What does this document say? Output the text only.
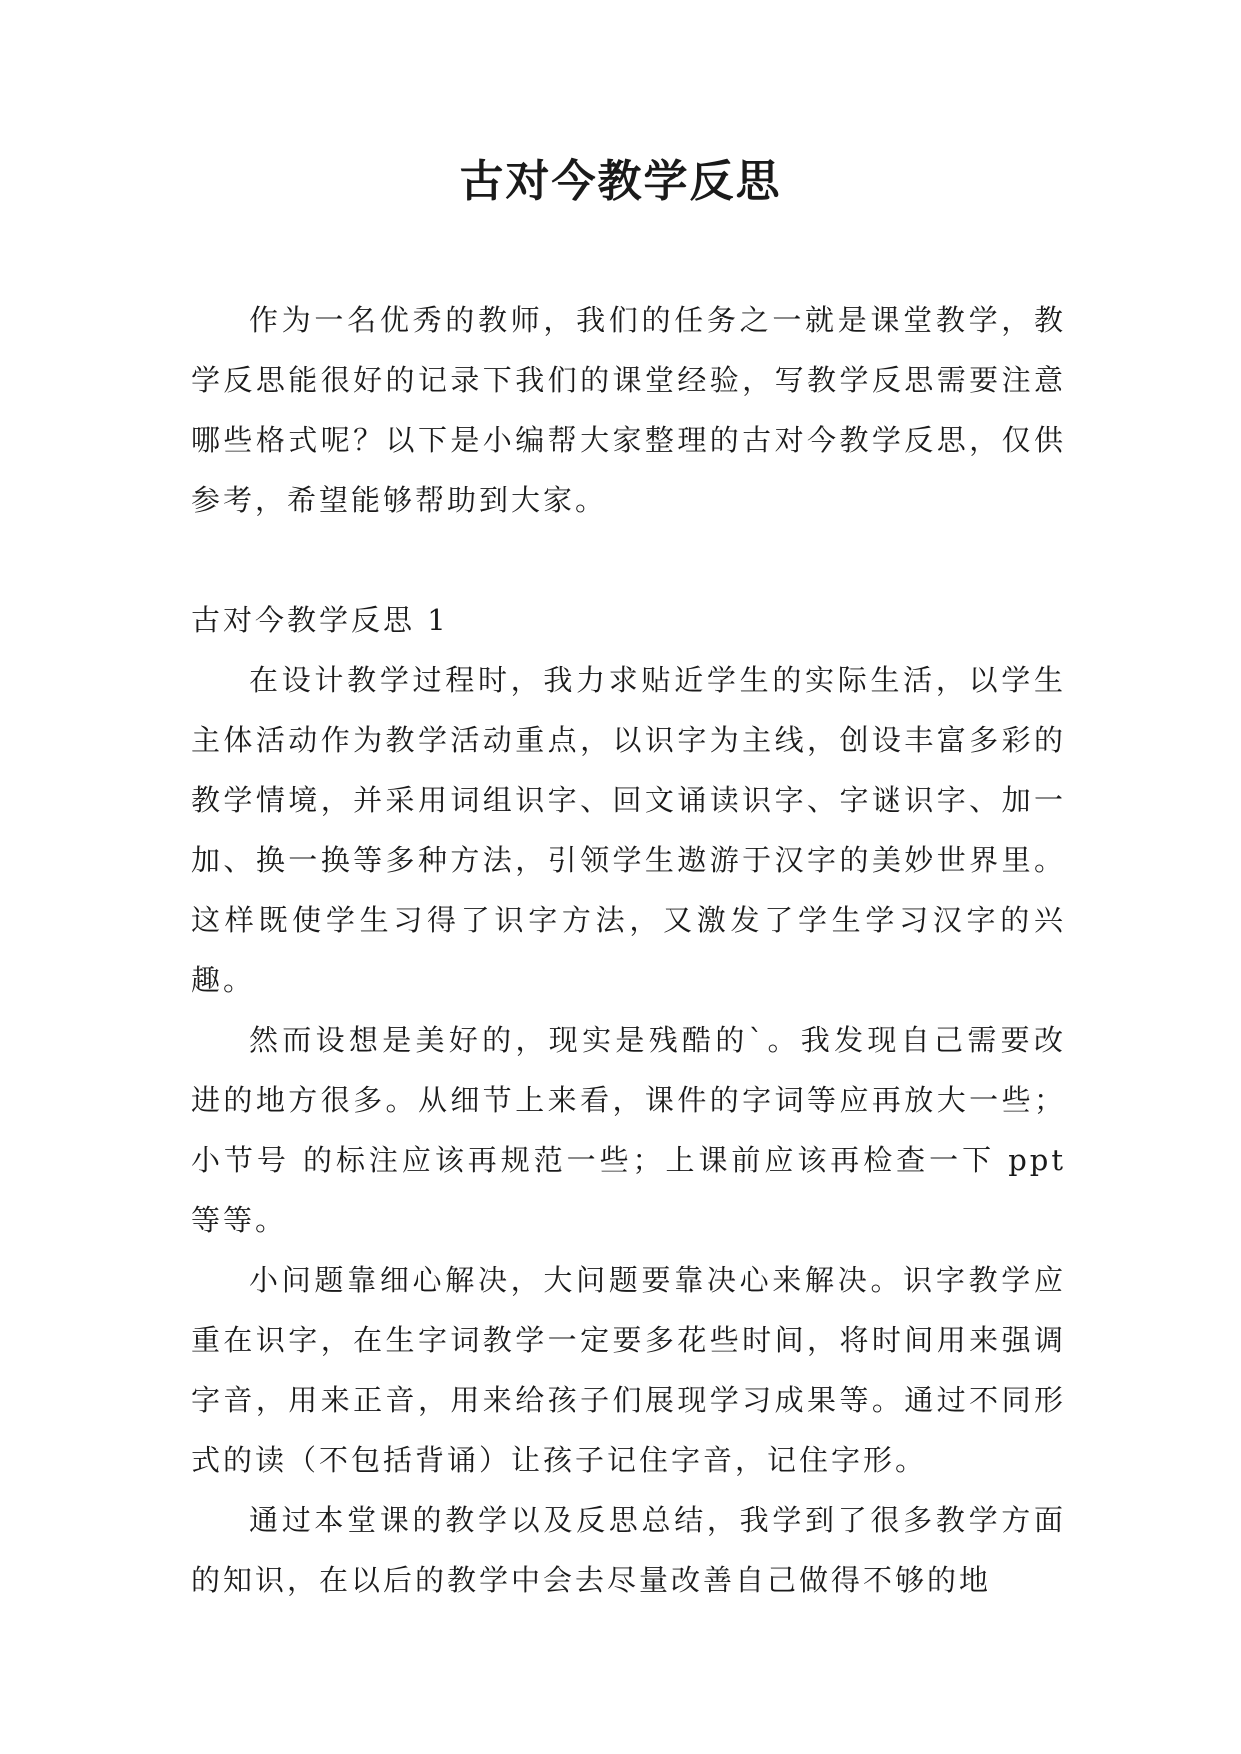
古对今教学反思

作为一名优秀的教师，我们的任务之一就是课堂教学，教学反思能很好的记录下我们的课堂经验，写教学反思需要注意哪些格式呢？以下是小编帮大家整理的古对今教学反思，仅供参考，希望能够帮助到大家。

古对今教学反思 1

在设计教学过程时，我力求贴近学生的实际生活，以学生主体活动作为教学活动重点，以识字为主线，创设丰富多彩的教学情境，并采用词组识字、回文诵读识字、字谜识字、加一加、换一换等多种方法，引领学生遨游于汉字的美妙世界里。这样既使学生习得了识字方法，又激发了学生学习汉字的兴趣。

然而设想是美好的，现实是残酷的`。我发现自己需要改进的地方很多。从细节上来看，课件的字词等应再放大一些；小节号 的标注应该再规范一些；上课前应该再检查一下 ppt 等等。

小问题靠细心解决，大问题要靠决心来解决。识字教学应重在识字，在生字词教学一定要多花些时间，将时间用来强调字音，用来正音，用来给孩子们展现学习成果等。通过不同形式的读（不包括背诵）让孩子记住字音，记住字形。

通过本堂课的教学以及反思总结，我学到了很多教学方面的知识，在以后的教学中会去尽量改善自己做得不够的地
